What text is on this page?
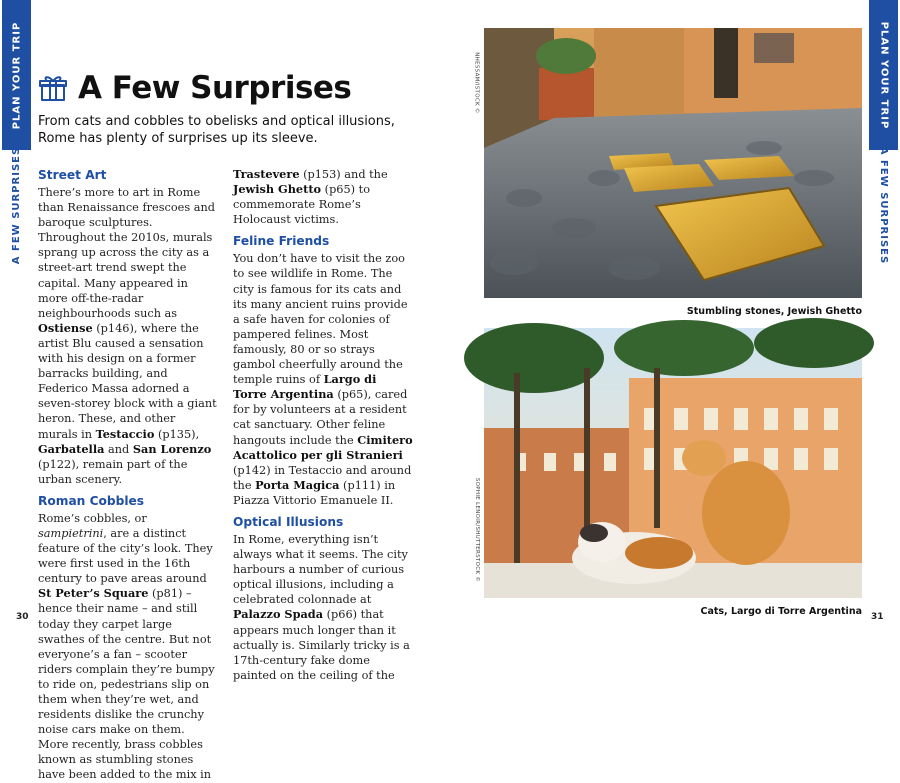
PLAN YOUR TRIP
A FEW SURPRISES
PLAN YOUR TRIP
A FEW SURPRISES
A Few Surprises

From cats and cobbles to obelisks and optical illusions, Rome has plenty of surprises up its sleeve.

Street Art

There’s more to art in Rome than Renaissance frescoes and baroque sculptures. Throughout the 2010s, murals sprang up across the city as a street-art trend swept the capital. Many appeared in more off-the-radar neighbourhoods such as Ostiense (p146), where the artist Blu caused a sensation with his design on a former barracks building, and Federico Massa adorned a seven-storey block with a giant heron. These, and other murals in Testaccio (p135), Garbatella and San Lorenzo (p122), remain part of the urban scenery.

Roman Cobbles

Rome’s cobbles, or sampietrini, are a distinct feature of the city’s look. They were first used in the 16th century to pave areas around St Peter’s Square (p81) – hence their name – and still today they carpet large swathes of the centre. But not everyone’s a fan – scooter riders complain they’re bumpy to ride on, pedestrians slip on them when they’re wet, and residents dislike the crunchy noise cars make on them. More recently, brass cobbles known as stumbling stones have been added to the mix in

Trastevere (p153) and the Jewish Ghetto (p65) to commemorate Rome’s Holocaust victims.

Feline Friends

You don’t have to visit the zoo to see wildlife in Rome. The city is famous for its cats and its many ancient ruins provide a safe haven for colonies of pampered felines. Most famously, 80 or so strays gambol cheerfully around the temple ruins of Largo di Torre Argentina (p65), cared for by volunteers at a resident cat sanctuary. Other feline hangouts include the Cimitero Acattolico per gli Stranieri (p142) in Testaccio and around the Porta Magica (p111) in Piazza Vittorio Emanuele II.

Optical Illusions

In Rome, everything isn’t always what it seems. The city harbours a number of curious optical illusions, including a celebrated colonnade at Palazzo Spada (p66) that appears much longer than it actually is. Similarly tricky is a 17th-century fake dome painted on the ceiling of the

30	31
NHESSAM/ISTOCK ©
Stumbling stones, Jewish Ghetto
SOPHIE LENOIR/SHUTTERSTOCK ©
Cats, Largo di Torre Argentina
